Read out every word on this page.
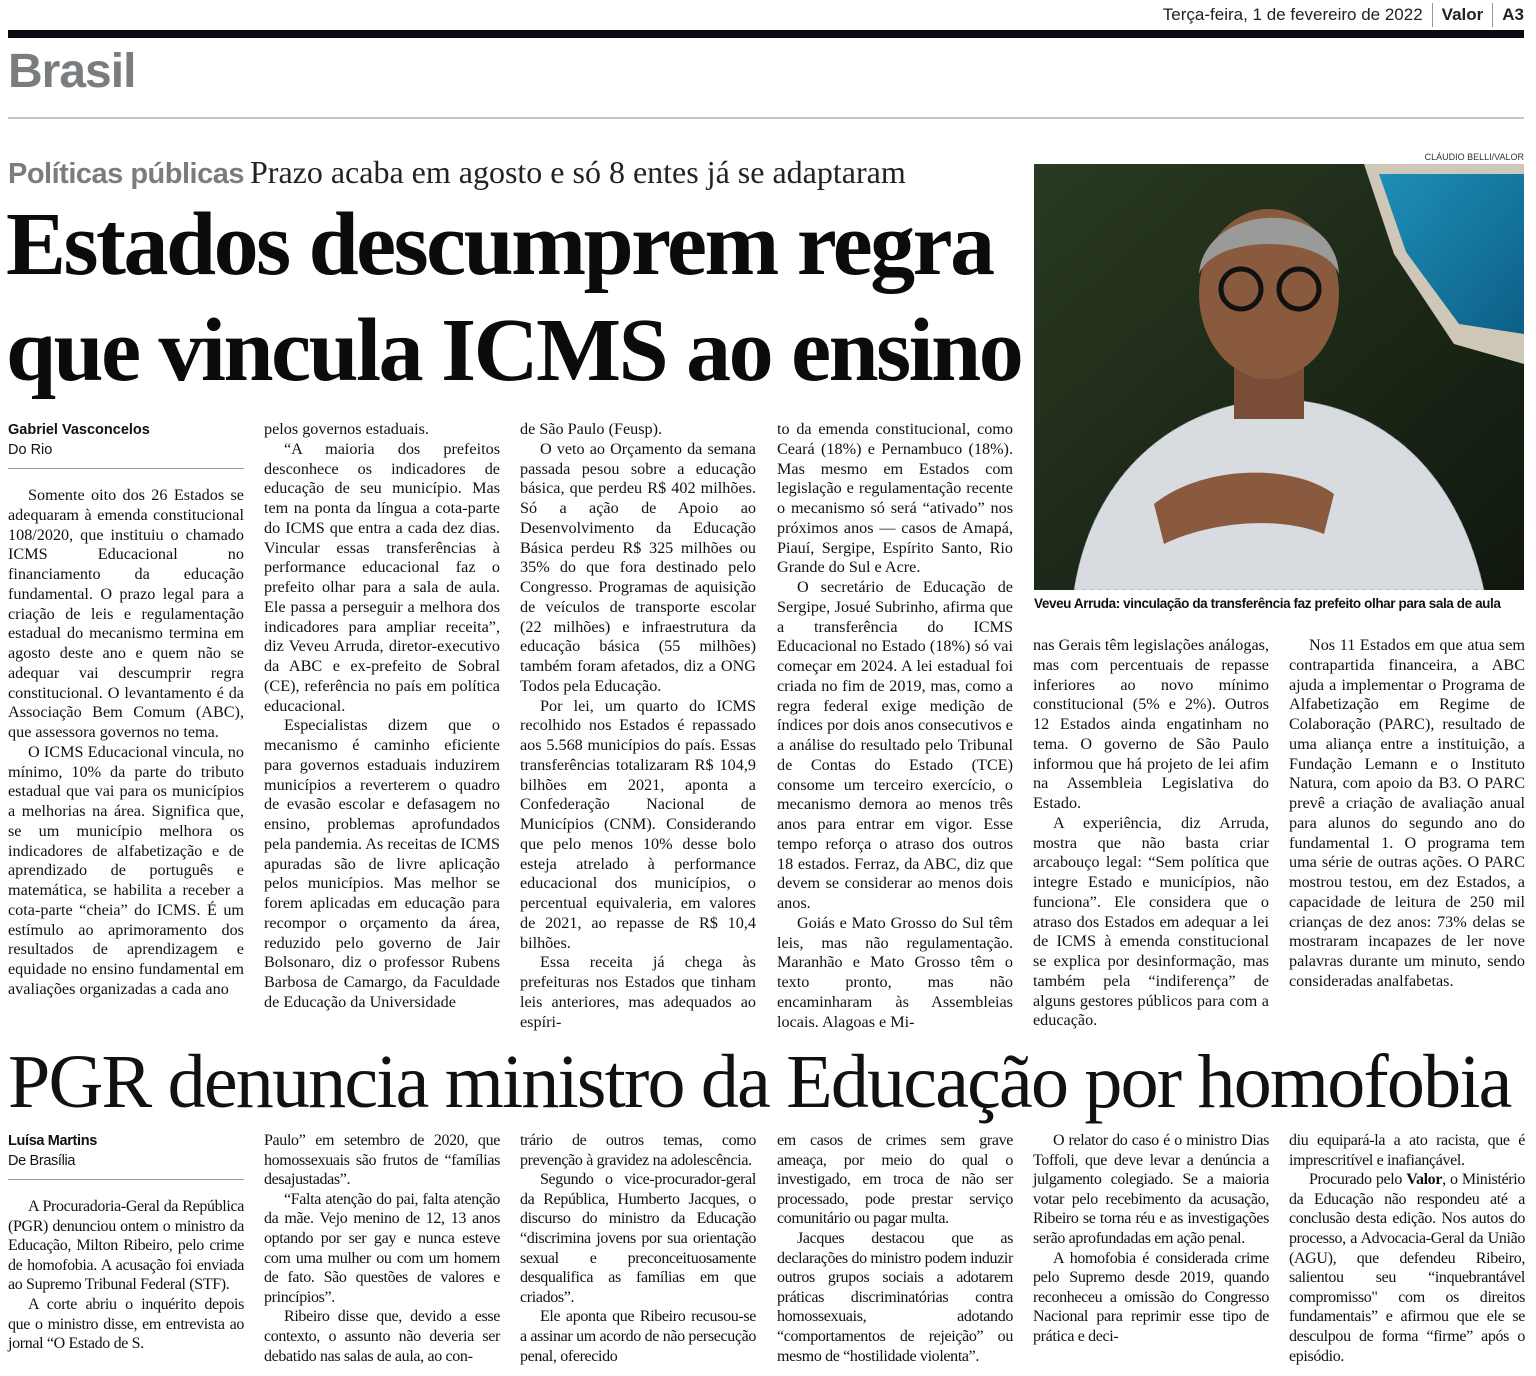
Terça-feira, 1 de fevereiro de 2022 Valor A3
Brasil
Políticas públicas Prazo acaba em agosto e só 8 entes já se adaptaram
Estados descumprem regra
que vincula ICMS ao ensino
CLÁUDIO BELLI/VALOR
Veveu Arruda: vinculação da transferência faz prefeito olhar para sala de aula
Gabriel Vasconcelos
Do Rio

Somente oito dos 26 Estados se adequaram à emenda constitucional 108/2020, que instituiu o chamado ICMS Educacional no financiamento da educação fundamental. O prazo legal para a criação de leis e regulamentação estadual do mecanismo termina em agosto deste ano e quem não se adequar vai descumprir regra constitucional. O levantamento é da Associação Bem Comum (ABC), que assessora governos no tema.

O ICMS Educacional vincula, no mínimo, 10% da parte do tributo estadual que vai para os municípios a melhorias na área. Significa que, se um município melhora os indicadores de alfabetização e de aprendizado de português e matemática, se habilita a receber a cota-parte “cheia” do ICMS. É um estímulo ao aprimoramento dos resultados de aprendizagem e equidade no ensino fundamental em avaliações organizadas a cada ano

pelos governos estaduais.

“A maioria dos prefeitos desconhece os indicadores de educação de seu município. Mas tem na ponta da língua a cota-parte do ICMS que entra a cada dez dias. Vincular essas transferências à performance educacional faz o prefeito olhar para a sala de aula. Ele passa a perseguir a melhora dos indicadores para ampliar receita”, diz Veveu Arruda, diretor-executivo da ABC e ex-prefeito de Sobral (CE), referência no país em política educacional.

Especialistas dizem que o mecanismo é caminho eficiente para governos estaduais induzirem municípios a reverterem o quadro de evasão escolar e defasagem no ensino, problemas aprofundados pela pandemia. As receitas de ICMS apuradas são de livre aplicação pelos municípios. Mas melhor se forem aplicadas em educação para recompor o orçamento da área, reduzido pelo governo de Jair Bolsonaro, diz o professor Rubens Barbosa de Camargo, da Faculdade de Educação da Universidade

de São Paulo (Feusp).

O veto ao Orçamento da semana passada pesou sobre a educação básica, que perdeu R$ 402 milhões. Só a ação de Apoio ao Desenvolvimento da Educação Básica perdeu R$ 325 milhões ou 35% do que fora destinado pelo Congresso. Programas de aquisição de veículos de transporte escolar (22 milhões) e infraestrutura da educação básica (55 milhões) também foram afetados, diz a ONG Todos pela Educação.

Por lei, um quarto do ICMS recolhido nos Estados é repassado aos 5.568 municípios do país. Essas transferências totalizaram R$ 104,9 bilhões em 2021, aponta a Confederação Nacional de Municípios (CNM). Considerando que pelo menos 10% desse bolo esteja atrelado à performance educacional dos municípios, o percentual equivaleria, em valores de 2021, ao repasse de R$ 10,4 bilhões.

Essa receita já chega às prefeituras nos Estados que tinham leis anteriores, mas adequados ao espíri-

to da emenda constitucional, como Ceará (18%) e Pernambuco (18%). Mas mesmo em Estados com legislação e regulamentação recente o mecanismo só será “ativado” nos próximos anos — casos de Amapá, Piauí, Sergipe, Espírito Santo, Rio Grande do Sul e Acre.

O secretário de Educação de Sergipe, Josué Subrinho, afirma que a transferência do ICMS Educacional no Estado (18%) só vai começar em 2024. A lei estadual foi criada no fim de 2019, mas, como a regra federal exige medição de índices por dois anos consecutivos e a análise do resultado pelo Tribunal de Contas do Estado (TCE) consome um terceiro exercício, o mecanismo demora ao menos três anos para entrar em vigor. Esse tempo reforça o atraso dos outros 18 estados. Ferraz, da ABC, diz que devem se considerar ao menos dois anos.

Goiás e Mato Grosso do Sul têm leis, mas não regulamentação. Maranhão e Mato Grosso têm o texto pronto, mas não encaminharam às Assembleias locais. Alagoas e Mi-

nas Gerais têm legislações análogas, mas com percentuais de repasse inferiores ao novo mínimo constitucional (5% e 2%). Outros 12 Estados ainda engatinham no tema. O governo de São Paulo informou que há projeto de lei afim na Assembleia Legislativa do Estado.

A experiência, diz Arruda, mostra que não basta criar arcabouço legal: “Sem política que integre Estado e municípios, não funciona”. Ele considera que o atraso dos Estados em adequar a lei de ICMS à emenda constitucional se explica por desinformação, mas também pela “indiferença” de alguns gestores públicos para com a educação.

Nos 11 Estados em que atua sem contrapartida financeira, a ABC ajuda a implementar o Programa de Alfabetização em Regime de Colaboração (PARC), resultado de uma aliança entre a instituição, a Fundação Lemann e o Instituto Natura, com apoio da B3. O PARC prevê a criação de avaliação anual para alunos do segundo ano do fundamental 1. O programa tem uma série de outras ações. O PARC mostrou testou, em dez Estados, a capacidade de leitura de 250 mil crianças de dez anos: 73% delas se mostraram incapazes de ler nove palavras durante um minuto, sendo consideradas analfabetas.

PGR denuncia ministro da Educação por homofobia
Luísa Martins
De Brasília

A Procuradoria-Geral da República (PGR) denunciou ontem o ministro da Educação, Milton Ribeiro, pelo crime de homofobia. A acusação foi enviada ao Supremo Tribunal Federal (STF).

A corte abriu o inquérito depois que o ministro disse, em entrevista ao jornal “O Estado de S.

Paulo” em setembro de 2020, que homossexuais são frutos de “famílias desajustadas”.

“Falta atenção do pai, falta atenção da mãe. Vejo menino de 12, 13 anos optando por ser gay e nunca esteve com uma mulher ou com um homem de fato. São questões de valores e princípios”.

Ribeiro disse que, devido a esse contexto, o assunto não deveria ser debatido nas salas de aula, ao con-

trário de outros temas, como prevenção à gravidez na adolescência.

Segundo o vice-procurador-geral da República, Humberto Jacques, o discurso do ministro da Educação “discrimina jovens por sua orientação sexual e preconceituosamente desqualifica as famílias em que criados”.

Ele aponta que Ribeiro recusou-se a assinar um acordo de não persecução penal, oferecido

em casos de crimes sem grave ameaça, por meio do qual o investigado, em troca de não ser processado, pode prestar serviço comunitário ou pagar multa.

Jacques destacou que as declarações do ministro podem induzir outros grupos sociais a adotarem práticas discriminatórias contra homossexuais, adotando “comportamentos de rejeição” ou mesmo de “hostilidade violenta”.

O relator do caso é o ministro Dias Toffoli, que deve levar a denúncia a julgamento colegiado. Se a maioria votar pelo recebimento da acusação, Ribeiro se torna réu e as investigações serão aprofundadas em ação penal.

A homofobia é considerada crime pelo Supremo desde 2019, quando reconheceu a omissão do Congresso Nacional para reprimir esse tipo de prática e deci-

diu equipará-la a ato racista, que é imprescritível e inafiançável.

Procurado pelo Valor, o Ministério da Educação não respondeu até a conclusão desta edição. Nos autos do processo, a Advocacia-Geral da União (AGU), que defendeu Ribeiro, salientou seu “inquebrantável compromisso" com os direitos fundamentais” e afirmou que ele se desculpou de forma “firme” após o episódio.
